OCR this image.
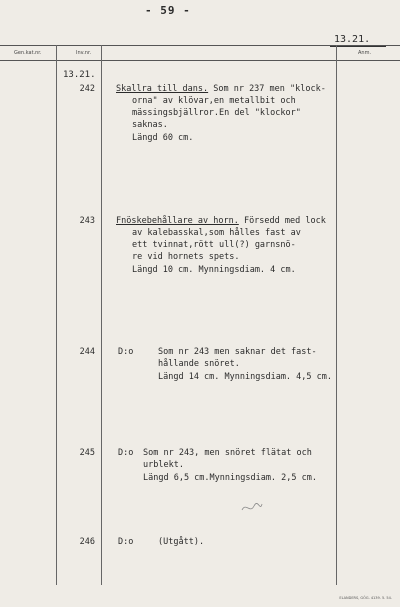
- 59 -
13.21.
Gen.kat.nr.	Inv.nr.	Anm.
13.21.
242 Skallra till dans. Som nr 237 men "klock-
orna" av klövar,en metallbit och
mässingsbjällror.En del "klockor"
saknas.
Längd 60 cm.
243 Fnöskebehållare av horn. Försedd med lock
av kalebasskal,som hålles fast av
ett tvinnat,rött ull(?) garnsnö-
re vid hornets spets.
Längd 10 cm. Mynningsdiam. 4 cm.
244	D:o	Som nr 243 men saknar det fast-
hållande snöret.
Längd 14 cm. Mynningsdiam. 4,5 cm.
245	D:o Som nr 243, men snöret flätat och
urblekt.
Längd 6,5 cm.Mynningsdiam. 2,5 cm.
246	D:o	(Utgått).
ELANDERS, GÖG. 4139. 5. 54.
